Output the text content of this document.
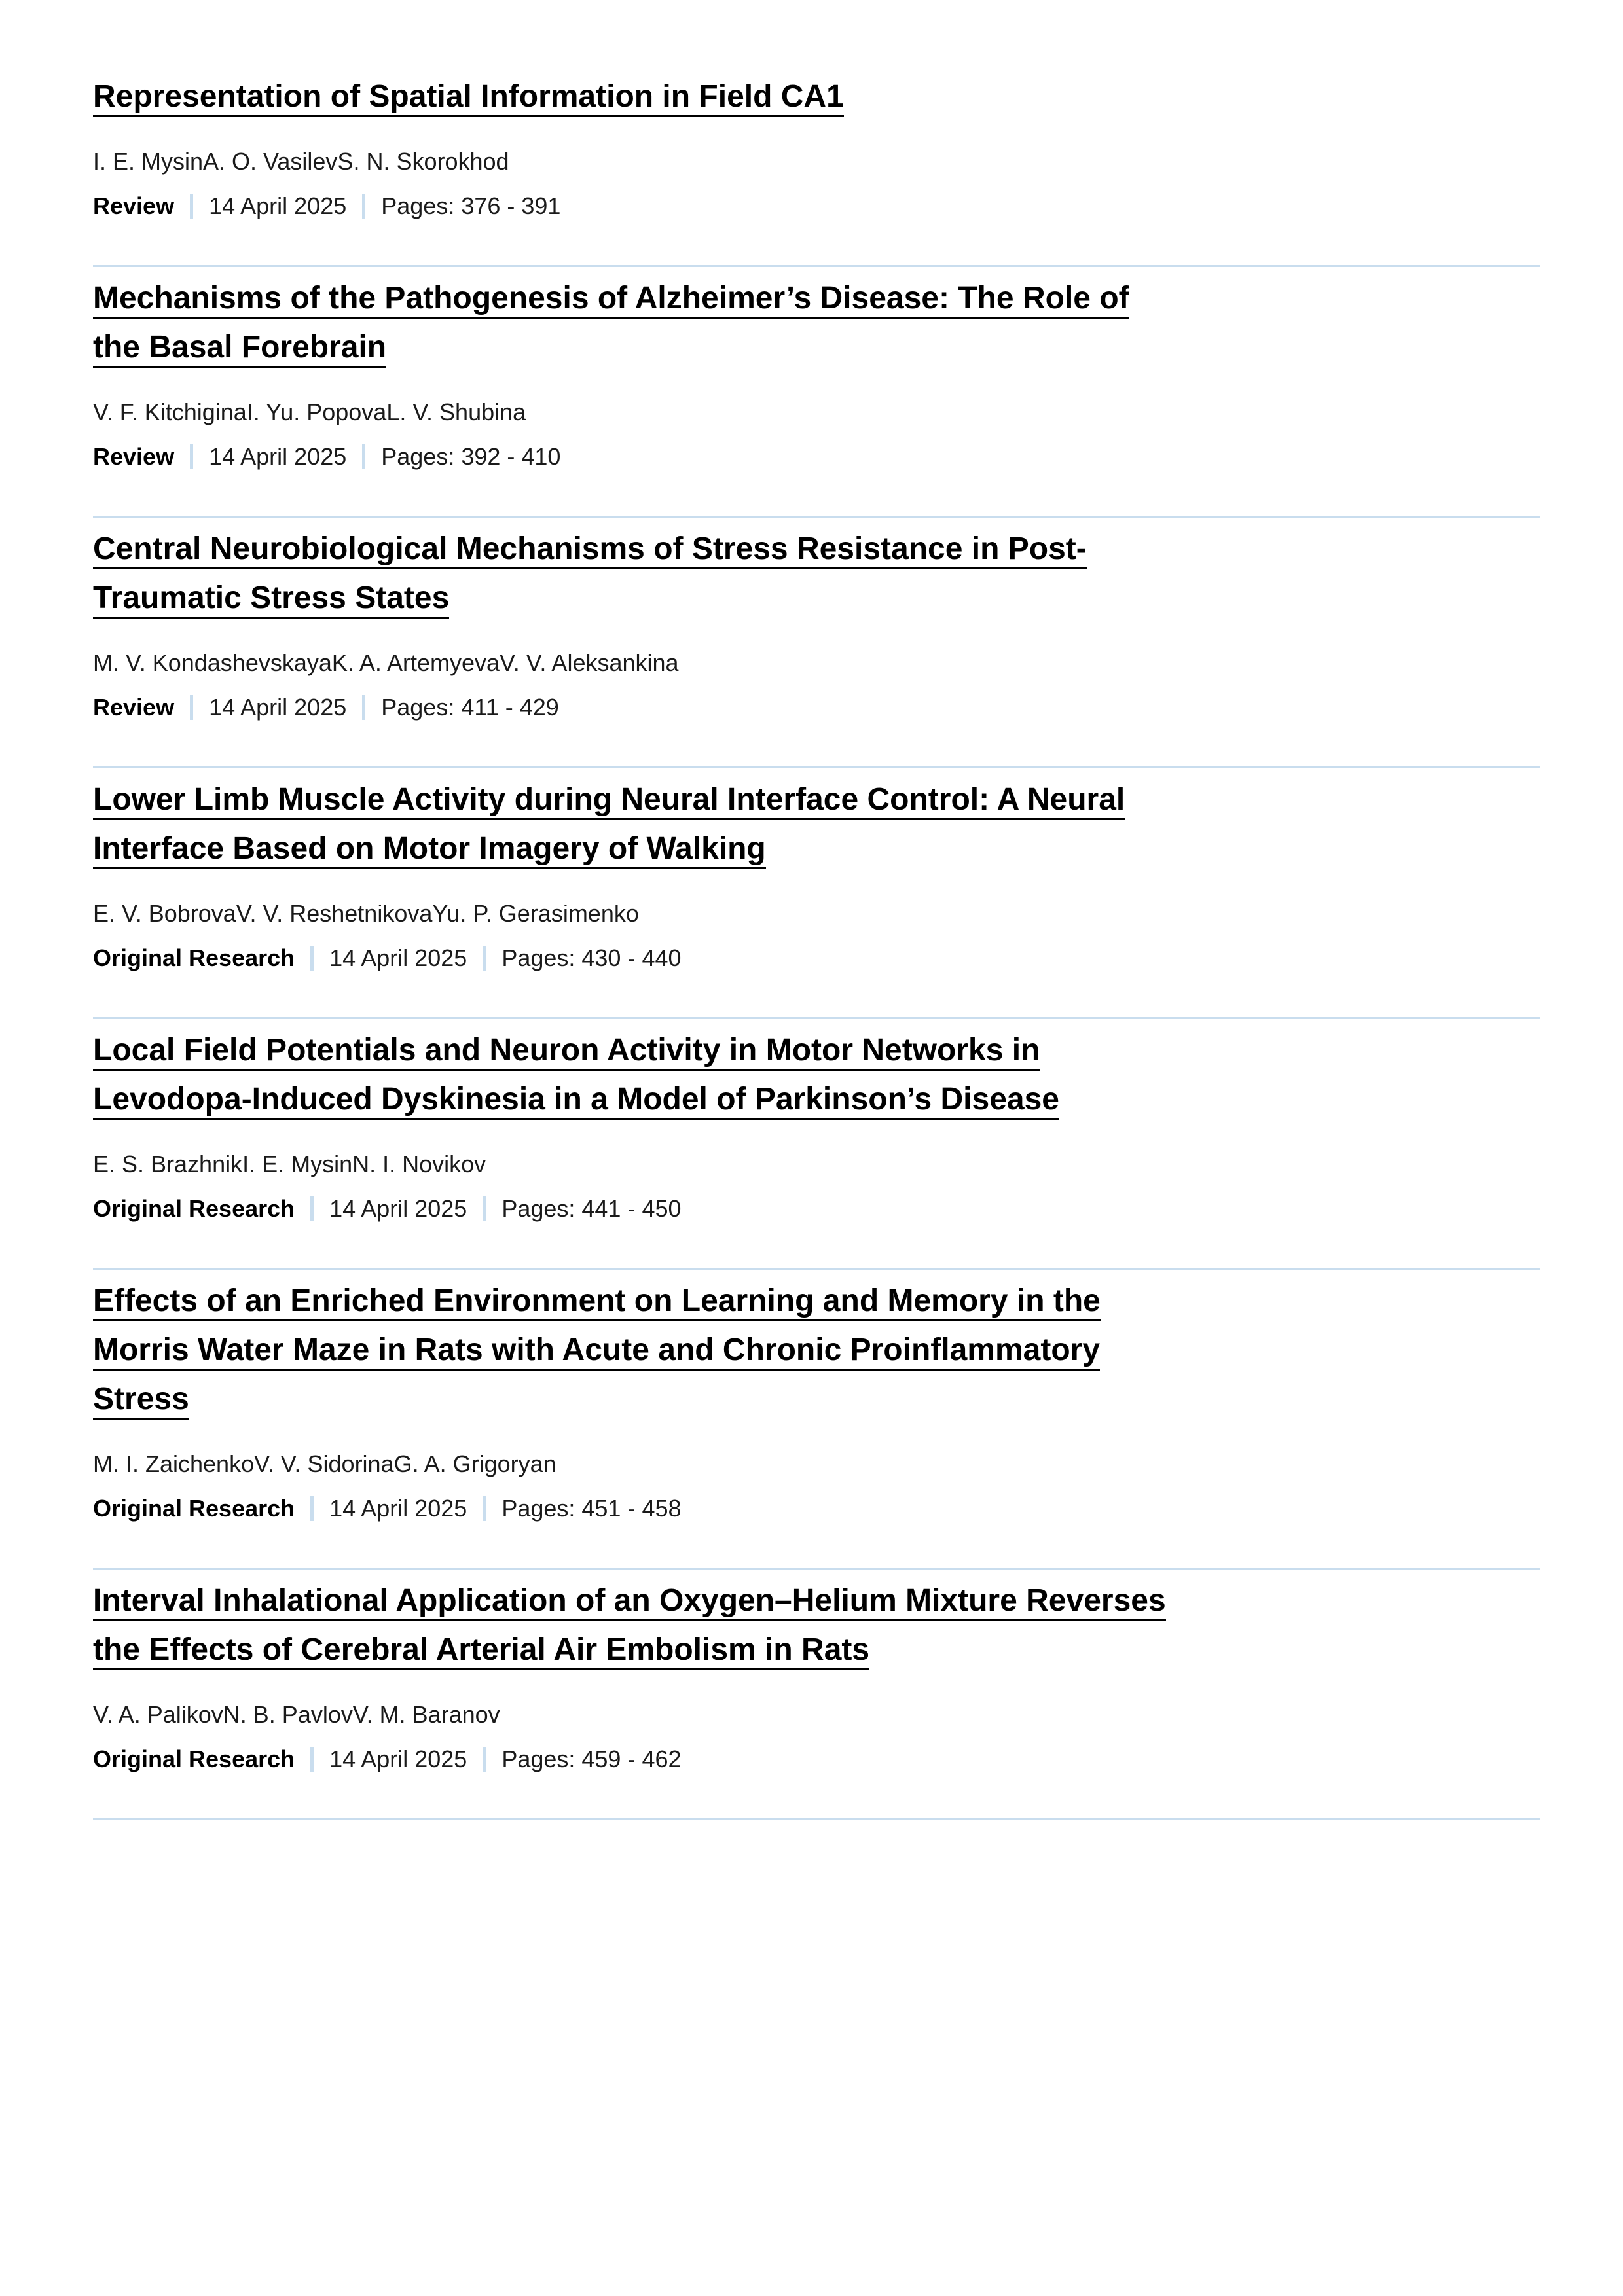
Representation of Spatial Information in Field CA1
I. E. MysinA. O. VasilevS. N. Skorokhod
Review 14 April 2025 Pages: 376 - 391
Mechanisms of the Pathogenesis of Alzheimer’s Disease: The Role of the Basal Forebrain
V. F. KitchiginaI. Yu. PopovaL. V. Shubina
Review 14 April 2025 Pages: 392 - 410
Central Neurobiological Mechanisms of Stress Resistance in Post-Traumatic Stress States
M. V. KondashevskayaK. A. ArtemyevaV. V. Aleksankina
Review 14 April 2025 Pages: 411 - 429
Lower Limb Muscle Activity during Neural Interface Control: A Neural Interface Based on Motor Imagery of Walking
E. V. BobrovaV. V. ReshetnikovaYu. P. Gerasimenko
Original Research 14 April 2025 Pages: 430 - 440
Local Field Potentials and Neuron Activity in Motor Networks in Levodopa-Induced Dyskinesia in a Model of Parkinson’s Disease
E. S. BrazhnikI. E. MysinN. I. Novikov
Original Research 14 April 2025 Pages: 441 - 450
Effects of an Enriched Environment on Learning and Memory in the Morris Water Maze in Rats with Acute and Chronic Proinflammatory Stress
M. I. ZaichenkoV. V. SidorinaG. A. Grigoryan
Original Research 14 April 2025 Pages: 451 - 458
Interval Inhalational Application of an Oxygen–Helium Mixture Reverses the Effects of Cerebral Arterial Air Embolism in Rats
V. A. PalikovN. B. PavlovV. M. Baranov
Original Research 14 April 2025 Pages: 459 - 462
